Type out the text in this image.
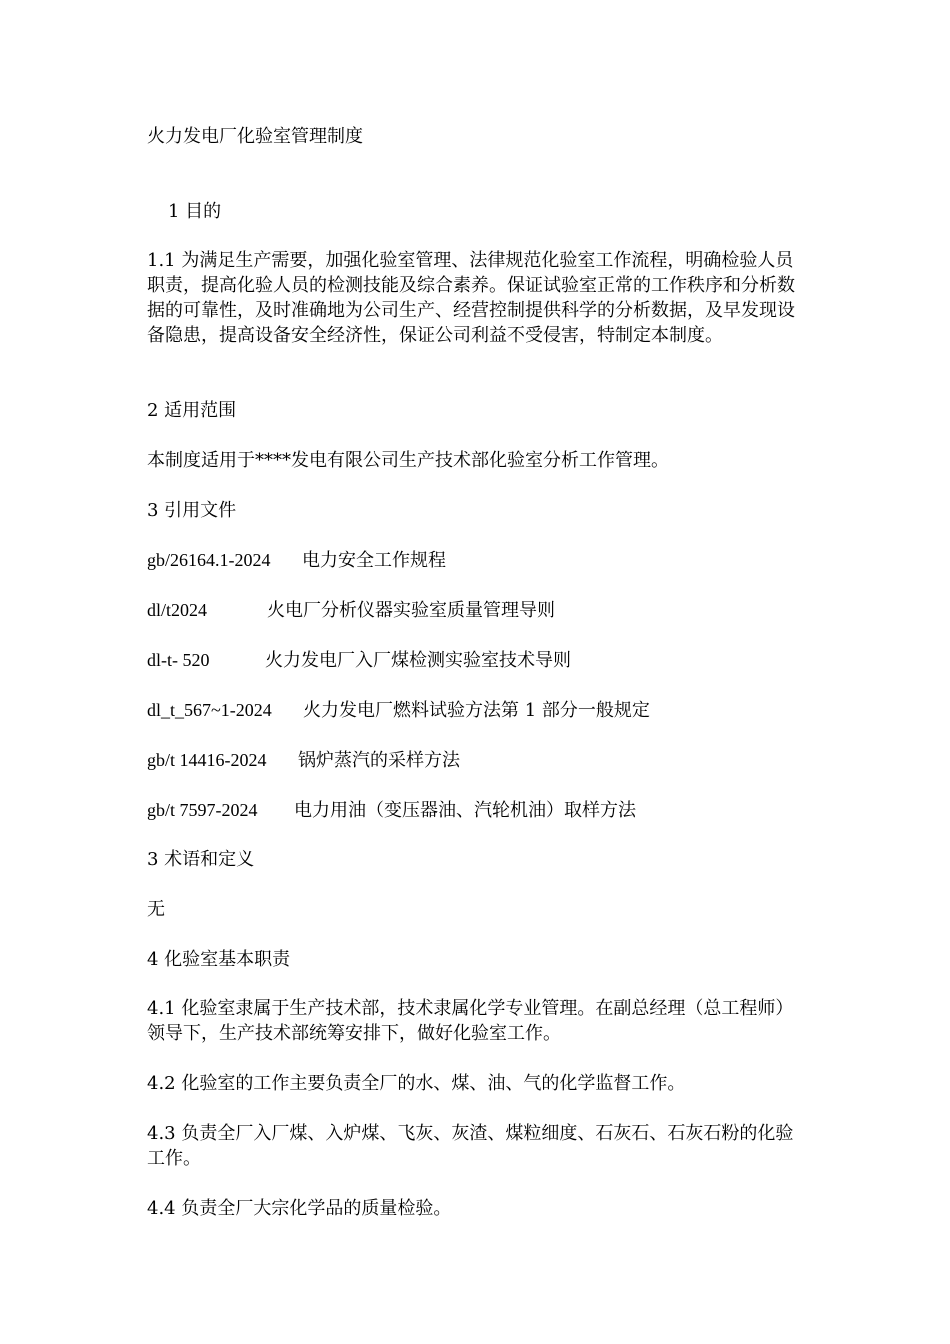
火力发电厂化验室管理制度

1 目的

1.1 为满足生产需要，加强化验室管理、法律规范化验室工作流程，明确检验人员职责，提高化验人员的检测技能及综合素养。保证试验室正常的工作秩序和分析数据的可靠性，及时准确地为公司生产、经营控制提供科学的分析数据，及早发现设备隐患，提高设备安全经济性，保证公司利益不受侵害，特制定本制度。

2 适用范围

本制度适用于****发电有限公司生产技术部化验室分析工作管理。

3 引用文件

gb/26164.1-2024 电力安全工作规程
dl/t2024	火电厂分析仪器实验室质量管理导则
dl-t- 520	火力发电厂入厂煤检测实验室技术导则
dl_t_567~1-2024 火力发电厂燃料试验方法第 1 部分一般规定
gb/t 14416-2024 锅炉蒸汽的采样方法
gb/t 7597-2024 电力用油（变压器油、汽轮机油）取样方法

3 术语和定义

无

4 化验室基本职责

4.1 化验室隶属于生产技术部，技术隶属化学专业管理。在副总经理（总工程师）领导下，生产技术部统筹安排下，做好化验室工作。

4.2 化验室的工作主要负责全厂的水、煤、油、气的化学监督工作。

4.3 负责全厂入厂煤、入炉煤、飞灰、灰渣、煤粒细度、石灰石、石灰石粉的化验工作。

4.4 负责全厂大宗化学品的质量检验。
